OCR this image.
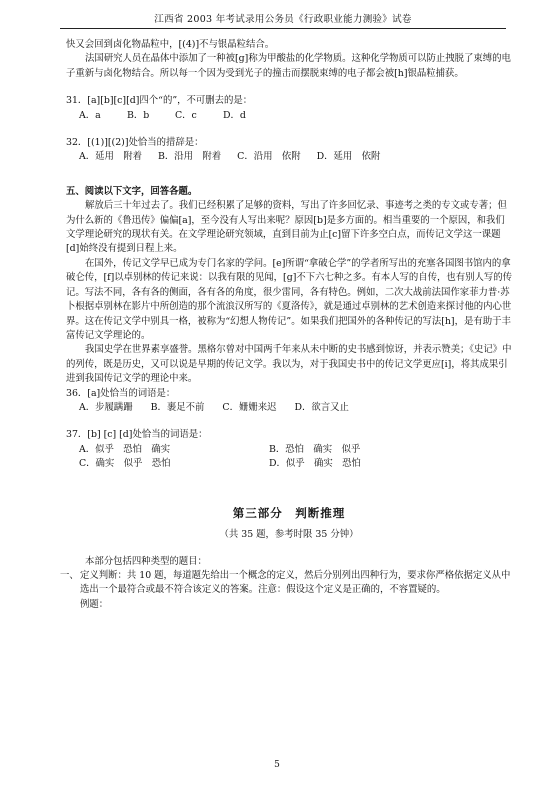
江西省 2003 年考试录用公务员《行政职业能力测验》试卷

快又会回到卤化物晶粒中，[(4)]不与银晶粒结合。

法国研究人员在晶体中添加了一种被[g]称为甲酸盐的化学物质。这种化学物质可以防止拽脱了束缚的电子重新与卤化物结合。所以每一个因为受到光子的撞击而摆脱束缚的电子都会被[h]银晶粒捕获。

31．[a][b][c][d]四个“的”，不可删去的是：

A．a	B．b	C．c	D．d

32．[(1)][(2)]处恰当的措辞是：

A．延用　附着 B．沿用　附着 C．沿用　依附 D．延用　依附

五、阅读以下文字，回答各题。

解放后三十年过去了。我们已经积累了足够的资料，写出了许多回忆录、事迹考之类的专文或专著；但为什么新的《鲁迅传》偏偏[a]，至今没有人写出来呢？原因[b]是多方面的。相当重要的一个原因，和我们文学理论研究的现状有关。在文学理论研究领域，直到目前为止[c]留下许多空白点，而传记文学这一课题[d]始终没有提到日程上来。

在国外，传记文学早已成为专门名家的学问。[e]所谓“拿破仑学”的学者所写出的充塞各国图书馆内的拿破仑传，[f]以卓别林的传记来说：以我有限的见闻，[g]不下六七种之多。有本人写的自传，也有别人写的传记。写法不同，各有各的侧面，各有各的角度，很少雷同，各有特色。例如，二次大战前法国作家菲力普·苏卜根据卓别林在影片中所创造的那个流浪汉所写的《夏洛传》，就是通过卓别林的艺术创造来探讨他的内心世界。这在传记文学中别具一格，被称为“幻想人物传记”。如果我们把国外的各种传记的写法[h]，是有助于丰富传记文学理论的。

我国史学在世界素享盛誉。黑格尔曾对中国两千年来从未中断的史书感到惊讶，并表示赞美；《史记》中的列传，既是历史，又可以说是早期的传记文学。我以为，对于我国史书中的传记文学更应[i]，将其成果引进到我国传记文学的理论中来。

36．[a]处恰当的词语是：

A．步履蹒跚 B．裹足不前 C．姗姗来迟 D．欲言又止

37．[b] [c] [d]处恰当的词语是：

A．似乎　恐怕　确实	B．恐怕　确实　似乎
C．确实　似乎　恐怕	D．似乎　确实　恐怕
第三部分　判断推理
（共 35 题，参考时限 35 分钟）

本部分包括四种类型的题目：

一、 定义判断：共 10 题，每道题先给出一个概念的定义，然后分别列出四种行为，要求你严格依据定义从中选出一个最符合或最不符合该定义的答案。注意：假设这个定义是正确的，不容置疑的。

例题：

5
